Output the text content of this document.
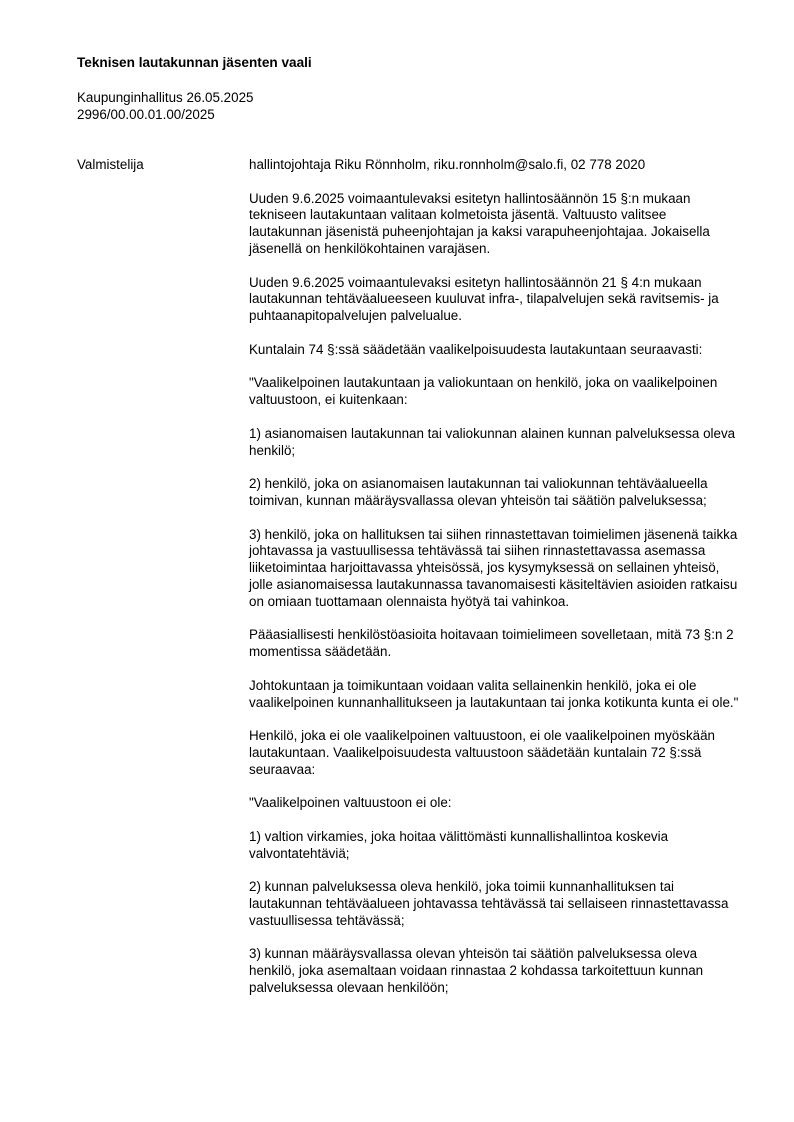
Teknisen lautakunnan jäsenten vaali
Kaupunginhallitus 26.05.2025
2996/00.00.01.00/2025
Valmistelija	hallintojohtaja Riku Rönnholm, riku.ronnholm@salo.fi, 02 778 2020

Uuden 9.6.2025 voimaantulevaksi esitetyn hallintosäännön 15 §:n mukaan tekniseen lautakuntaan valitaan kolmetoista jäsentä. Valtuusto valitsee lautakunnan jäsenistä puheenjohtajan ja kaksi varapuheenjohtajaa. Jokaisella jäsenellä on henkilökohtainen varajäsen.

Uuden 9.6.2025 voimaantulevaksi esitetyn hallintosäännön 21 § 4:n mukaan lautakunnan tehtäväalueeseen kuuluvat infra-, tilapalvelujen sekä ravitsemis- ja puhtaanapitopalvelujen palvelualue.

Kuntalain 74 §:ssä säädetään vaalikelpoisuudesta lautakuntaan seuraavasti:

"Vaalikelpoinen lautakuntaan ja valiokuntaan on henkilö, joka on vaalikelpoinen valtuustoon, ei kuitenkaan:

1) asianomaisen lautakunnan tai valiokunnan alainen kunnan palveluksessa oleva henkilö;

2) henkilö, joka on asianomaisen lautakunnan tai valiokunnan tehtäväalueella toimivan, kunnan määräysvallassa olevan yhteisön tai säätiön palveluksessa;

3) henkilö, joka on hallituksen tai siihen rinnastettavan toimielimen jäsenenä taikka johtavassa ja vastuullisessa tehtävässä tai siihen rinnastettavassa asemassa liiketoimintaa harjoittavassa yhteisössä, jos kysymyksessä on sellainen yhteisö, jolle asianomaisessa lautakunnassa tavanomaisesti käsiteltävien asioiden ratkaisu on omiaan tuottamaan olennaista hyötyä tai vahinkoa.

Pääasiallisesti henkilöstöasioita hoitavaan toimielimeen sovelletaan, mitä 73 §:n 2 momentissa säädetään.

Johtokuntaan ja toimikuntaan voidaan valita sellainenkin henkilö, joka ei ole vaalikelpoinen kunnanhallitukseen ja lautakuntaan tai jonka kotikunta kunta ei ole."

Henkilö, joka ei ole vaalikelpoinen valtuustoon, ei ole vaalikelpoinen myöskään lautakuntaan. Vaalikelpoisuudesta valtuustoon säädetään kuntalain 72 §:ssä seuraavaa:

"Vaalikelpoinen valtuustoon ei ole:

1) valtion virkamies, joka hoitaa välittömästi kunnallishallintoa koskevia valvontatehtäviä;

2) kunnan palveluksessa oleva henkilö, joka toimii kunnanhallituksen tai lautakunnan tehtäväalueen johtavassa tehtävässä tai sellaiseen rinnastettavassa vastuullisessa tehtävässä;

3) kunnan määräysvallassa olevan yhteisön tai säätiön palveluksessa oleva henkilö, joka asemaltaan voidaan rinnastaa 2 kohdassa tarkoitettuun kunnan palveluksessa olevaan henkilöön;
